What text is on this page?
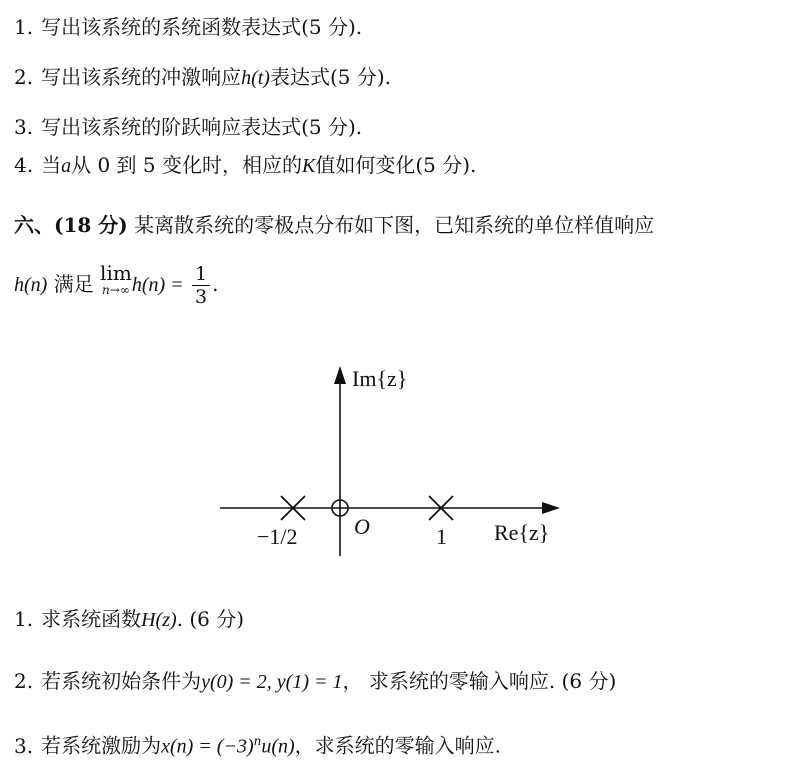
1. 写出该系统的系统函数表达式(5 分).
2. 写出该系统的冲激响应h(t)表达式(5 分).
3. 写出该系统的阶跃响应表达式(5 分).
4. 当a从 0 到 5 变化时，相应的K值如何变化(5 分).
六、(18 分) 某离散系统的零极点分布如下图，已知系统的单位样值响应
h(n) 满足 lim
n→∞ $h(n) = \frac{1}{3}$ .
Im{z}
Re{z}
O
−1/2	1
1. 求系统函数H(z). (6 分)
2. 若系统初始条件为y(0) = 2, y(1) = 1， 求系统的零输入响应. (6 分)
3. 若系统激励为$x(n) = (-3)^nu(n)$，求系统的零输入响应.
